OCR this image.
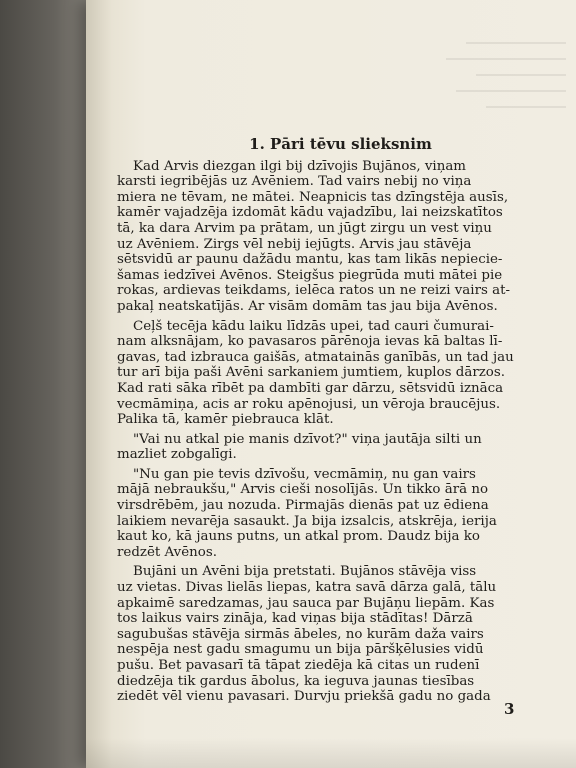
1. Pāri tēvu slieksnim
Kad Arvis diezgan ilgi bij dzīvojis Bujānos, viņam
karsti iegribējās uz Avēniem. Tad vairs nebij no viņa
miera ne tēvam, ne mātei. Neapnicis tas dzīngstēja ausīs,
kamēr vajadzēja izdomāt kādu vajadzību, lai neizskatītos
tā, ka dara Arvim pa prātam, un jūgt zirgu un vest viņu
uz Avēniem. Zirgs vēl nebij iejūgts. Arvis jau stāvēja
sētsvidū ar paunu dažādu mantu, kas tam likās nepiecie-
šamas iedzīvei Avēnos. Steigšus piegrūda muti mātei pie
rokas, ardievas teikdams, ielēca ratos un ne reizi vairs at-
pakaļ neatskatījās. Ar visām domām tas jau bija Avēnos.
Ceļš tecēja kādu laiku līdzās upei, tad cauri čumurai-
nam alksnājam, ko pavasaros pārēnoja ievas kā baltas lī-
gavas, tad izbrauca gaišās, atmatainās ganībās, un tad jau
tur arī bija paši Avēni sarkaniem jumtiem, kuplos dārzos.
Kad rati sāka rībēt pa dambīti gar dārzu, sētsvidū iznāca
vecmāmiņa, acis ar roku apēnojusi, un vēroja braucējus.
Palika tā, kamēr piebrauca klāt.
"Vai nu atkal pie manis dzīvot?" viņa jautāja silti un
mazliet zobgalīgi.
"Nu gan pie tevis dzīvošu, vecmāmiņ, nu gan vairs
mājā nebraukšu," Arvis cieši nosolījās. Un tikko ārā no
virsdrēbēm, jau nozuda. Pirmajās dienās pat uz ēdiena
laikiem nevarēja sasaukt. Ja bija izsalcis, atskrēja, ierija
kaut ko, kā jauns putns, un atkal prom. Daudz bija ko
redzēt Avēnos.
Bujāni un Avēni bija pretstati. Bujānos stāvēja viss
uz vietas. Divas lielās liepas, katra savā dārza galā, tālu
apkaimē saredzamas, jau sauca par Bujāņu liepām. Kas
tos laikus vairs zināja, kad viņas bija stādītas! Dārzā
sagubušas stāvēja sirmās ābeles, no kurām daža vairs
nespēja nest gadu smagumu un bija pāršķēlusies vidū
pušu. Bet pavasarī tā tāpat ziedēja kā citas un rudenī
diedzēja tik gardus ābolus, ka ieguva jaunas tiesības
ziedēt vēl vienu pavasari. Durvju priekšā gadu no gada
3
